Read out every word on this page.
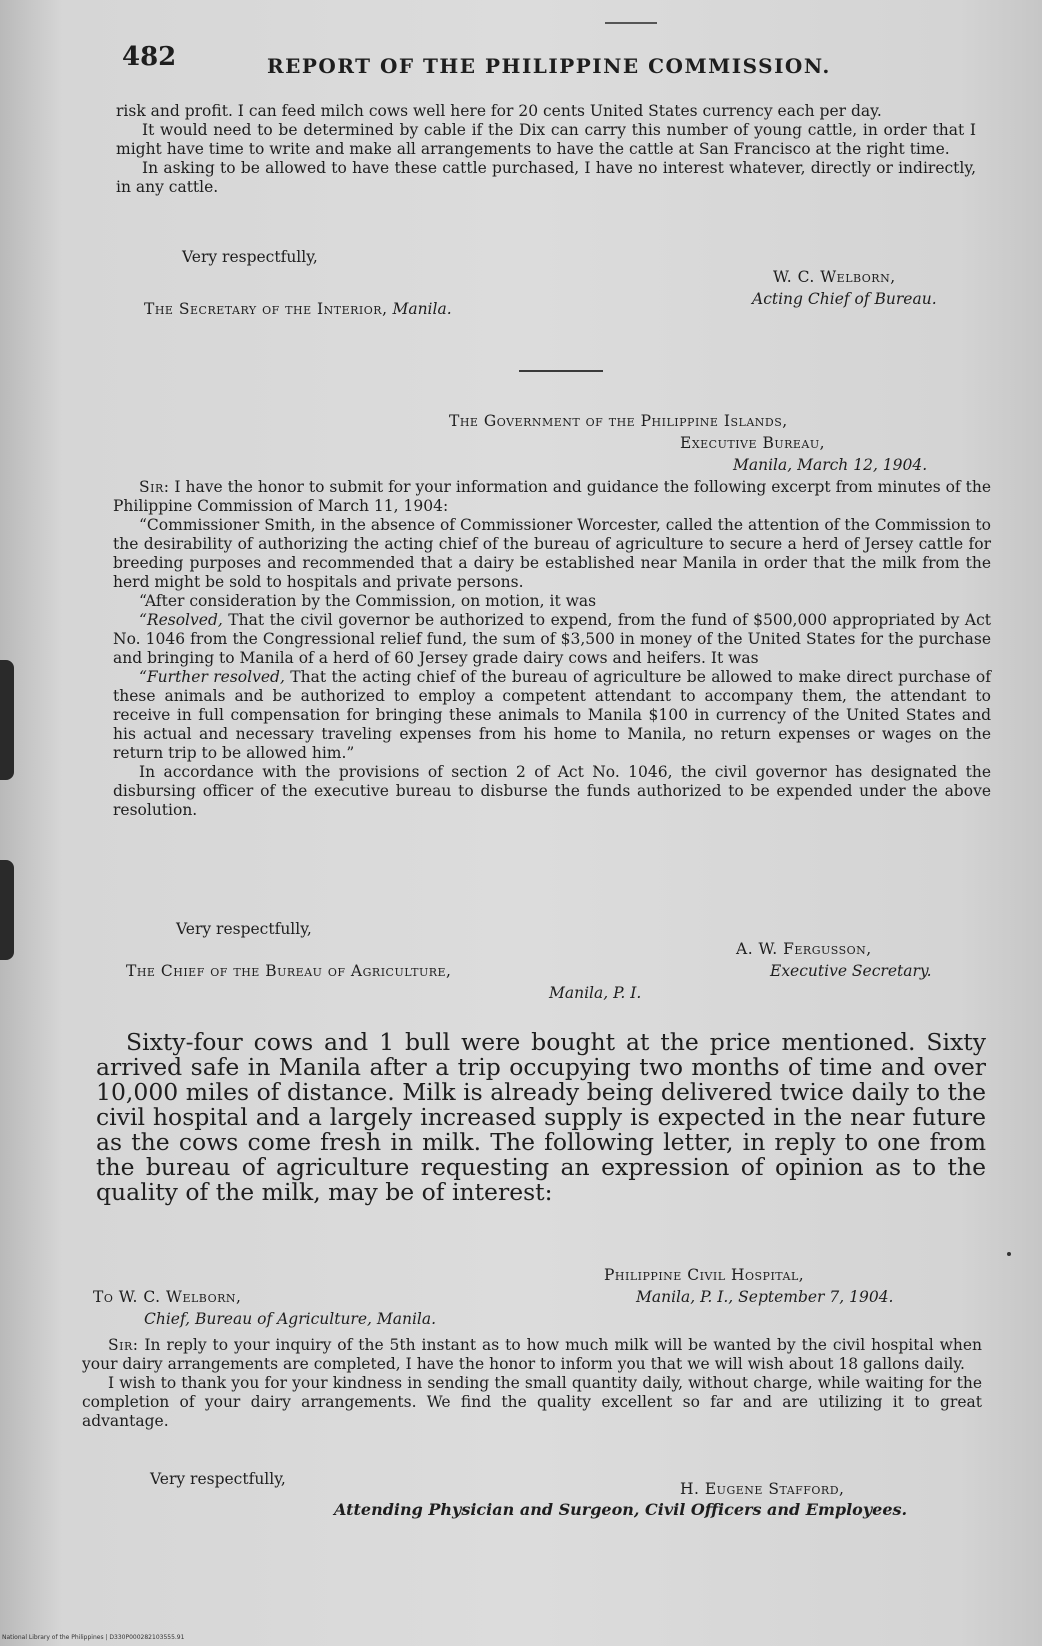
482	REPORT OF THE PHILIPPINE COMMISSION.

risk and profit. I can feed milch cows well here for 20 cents United States currency each per day.

It would need to be determined by cable if the Dix can carry this number of young cattle, in order that I might have time to write and make all arrangements to have the cattle at San Francisco at the right time.

In asking to be allowed to have these cattle purchased, I have no interest whatever, directly or indirectly, in any cattle.

Very respectfully,
W. C. Welborn,
Acting Chief of Bureau.
The Secretary of the Interior, Manila.
The Government of the Philippine Islands,
Executive Bureau,
Manila, March 12, 1904.

Sir: I have the honor to submit for your information and guidance the following excerpt from minutes of the Philippine Commission of March 11, 1904:

“Commissioner Smith, in the absence of Commissioner Worcester, called the attention of the Commission to the desirability of authorizing the acting chief of the bureau of agriculture to secure a herd of Jersey cattle for breeding purposes and recommended that a dairy be established near Manila in order that the milk from the herd might be sold to hospitals and private persons.

“After consideration by the Commission, on motion, it was

“Resolved, That the civil governor be authorized to expend, from the fund of $500,000 appropriated by Act No. 1046 from the Congressional relief fund, the sum of $3,500 in money of the United States for the purchase and bringing to Manila of a herd of 60 Jersey grade dairy cows and heifers. It was

“Further resolved, That the acting chief of the bureau of agriculture be allowed to make direct purchase of these animals and be authorized to employ a competent attendant to accompany them, the attendant to receive in full compensation for bringing these animals to Manila $100 in currency of the United States and his actual and necessary traveling expenses from his home to Manila, no return expenses or wages on the return trip to be allowed him.”

In accordance with the provisions of section 2 of Act No. 1046, the civil governor has designated the disbursing officer of the executive bureau to disburse the funds authorized to be expended under the above resolution.

Very respectfully,
A. W. Fergusson,
Executive Secretary.
The Chief of the Bureau of Agriculture,
Manila, P. I.

Sixty-four cows and 1 bull were bought at the price mentioned. Sixty arrived safe in Manila after a trip occupying two months of time and over 10,000 miles of distance. Milk is already being delivered twice daily to the civil hospital and a largely increased supply is expected in the near future as the cows come fresh in milk. The following letter, in reply to one from the bureau of agriculture requesting an expression of opinion as to the quality of the milk, may be of interest:

Philippine Civil Hospital,
Manila, P. I., September 7, 1904.
To W. C. Welborn,
Chief, Bureau of Agriculture, Manila.

Sir: In reply to your inquiry of the 5th instant as to how much milk will be wanted by the civil hospital when your dairy arrangements are completed, I have the honor to inform you that we will wish about 18 gallons daily.

I wish to thank you for your kindness in sending the small quantity daily, without charge, while waiting for the completion of your dairy arrangements. We find the quality excellent so far and are utilizing it to great advantage.

Very respectfully,
H. Eugene Stafford,
Attending Physician and Surgeon, Civil Officers and Employees.
National Library of the Philippines | D330P000282103555.91
